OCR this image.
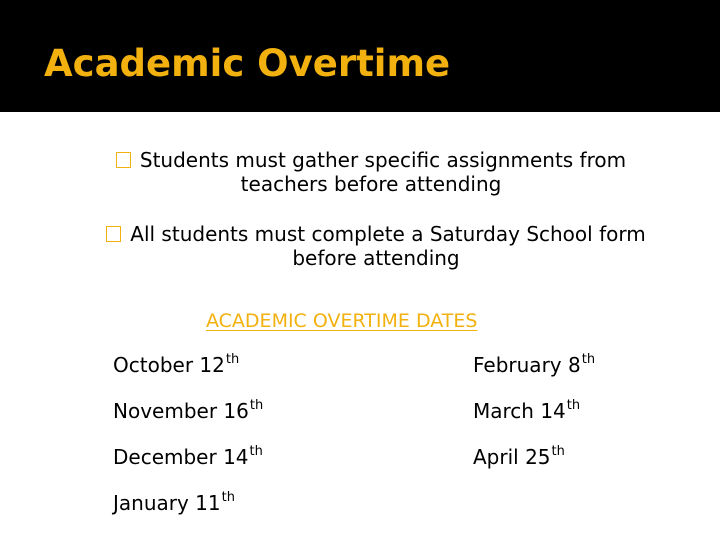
Academic Overtime
Students must gather specific assignments from
teachers before attending
All students must complete a Saturday School form
before attending
ACADEMIC OVERTIME DATES
October 12th
November 16th
December 14th
January 11th
February 8th
March 14th
April 25th
